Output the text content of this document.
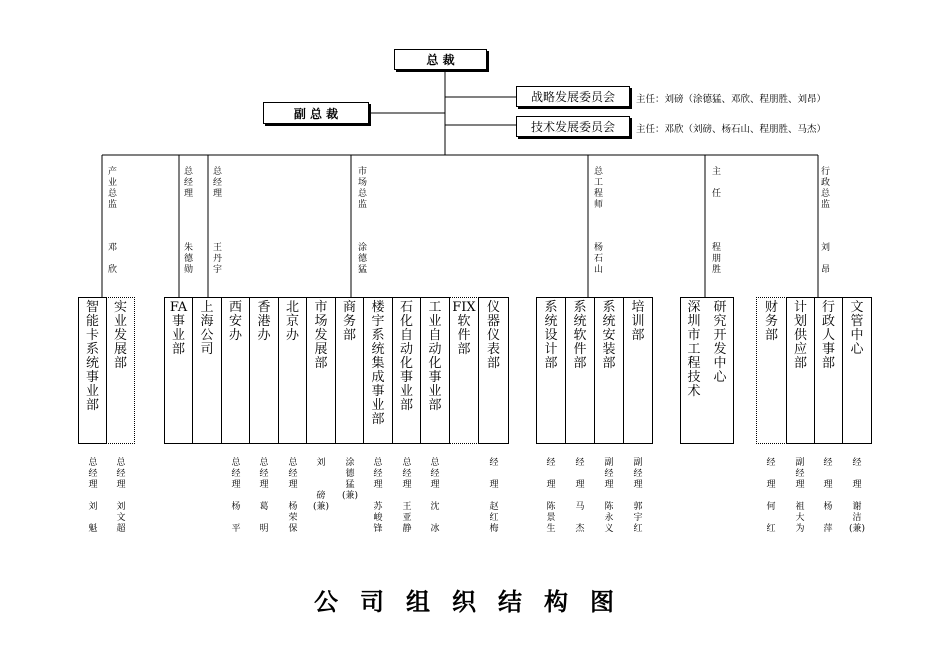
总 裁
副 总 裁
战略发展委员会 主任：刘磅（涂德猛、邓欣、程朋胜、刘昂）
技术发展委员会 主任：邓欣（刘磅、杨石山、程朋胜、马杰）
产
业
总
监
邓

欣
总
经
理
朱
德
勋
总
经
理
王
丹
宇
市
场
总
监
涂
德
猛
总
工
程
师
杨
石
山
主

任
程
朋
胜
行
政
总
监
刘

昂
智
能
卡
系
统
事
业
部
实
业
发
展
部
FA
事
业
部
上
海
公
司
西
安
办
香
港
办
北
京
办
市
场
发
展
部
商
务
部
楼
宇
系
统
集
成
事
业
部
石
化
自
动
化
事
业
部
工
业
自
动
化
事
业
部
FIX
软
件
部
仪
器
仪
表
部
系
统
设
计
部
系
统
软
件
部
系
统
安
装
部
培
训
部
深
圳
市
工
程
技
术
研
究
开
发
中
心
财
务
部
计
划
供
应
部
行
政
人
事
部
文
管
中
心
总
经
理

刘

魁
总
经
理

刘
文
超
总
经
理

杨

平
总
经
理

葛

明
总
经
理

杨
荣
保
刘

磅
(兼)
涂
德
猛
(兼)
总
经
理

苏
峻
锋
总
经
理

王
亚
静
总
经
理

沈

冰
经

理

赵
红
梅
经

理

陈
景
生
经

理

马

杰
副
经
理

陈
永
义
副
经
理

郭
宇
红
经

理

何

红
副
经
理

祖
大
为
经

理

杨

萍
经

理

谢
洁
(兼)
公司组织结构图
